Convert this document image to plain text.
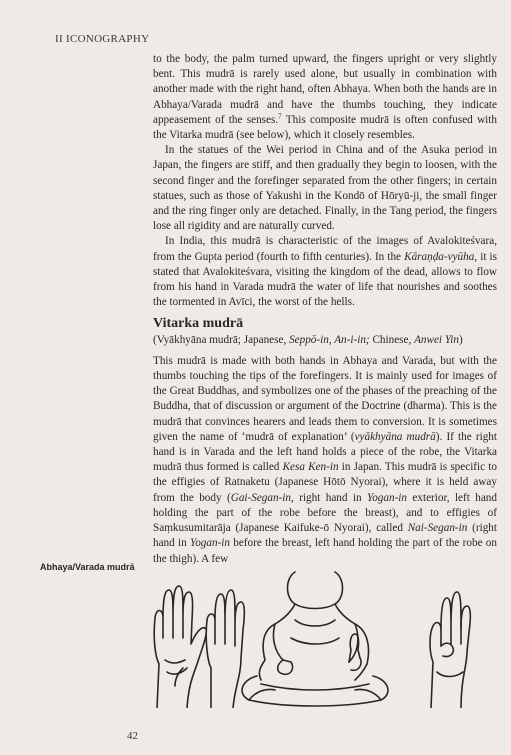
II ICONOGRAPHY

to the body, the palm turned upward, the fingers upright or very slightly bent. This mudrā is rarely used alone, but usually in combination with another made with the right hand, often Abhaya. When both the hands are in Abhaya/Varada mudrā and have the thumbs touching, they indicate appeasement of the senses.$^7$ This composite mudrā is often confused with the Vitarka mudrā (see below), which it closely resembles.

In the statues of the Wei period in China and of the Asuka period in Japan, the fingers are stiff, and then gradually they begin to loosen, with the second finger and the forefinger separated from the other fingers; in certain statues, such as those of Yakushi in the Kondō of Hōryū-ji, the small finger and the ring finger only are detached. Finally, in the Tang period, the fingers lose all rigidity and are naturally curved.

In India, this mudrā is characteristic of the images of Avalokiteśvara, from the Gupta period (fourth to fifth centuries). In the Kāraṇḍa-vyūha, it is stated that Avalokiteśvara, visiting the kingdom of the dead, allows to flow from his hand in Varada mudrā the water of life that nourishes and soothes the tormented in Avīci, the worst of the hells.

Vitarka mudrā

(Vyākhyāna mudrā; Japanese, Seppō-in, An-i-in; Chinese, Anwei Yin)

This mudrā is made with both hands in Abhaya and Varada, but with the thumbs touching the tips of the forefingers. It is mainly used for images of the Great Buddhas, and symbolizes one of the phases of the preaching of the Buddha, that of discussion or argument of the Doctrine (dharma). This is the mudrā that convinces hearers and leads them to conversion. It is sometimes given the name of ‘mudrā of explanation’ (vyākhyāna mudrā). If the right hand is in Varada and the left hand holds a piece of the robe, the Vitarka mudrā thus formed is called Kesa Ken-in in Japan. This mudrā is specific to the effigies of Ratnaketu (Japanese Hōtō Nyorai), where it is held away from the body (Gai-Segan-in, right hand in Yogan-in exterior, left hand holding the part of the robe before the breast), and to effigies of Saṃkusumitarāja (Japanese Kaifuke-ō Nyorai), called Nai-Segan-in (right hand in Yogan-in before the breast, left hand holding the part of the robe on the thigh). A few

Abhaya/Varada mudrā
42
